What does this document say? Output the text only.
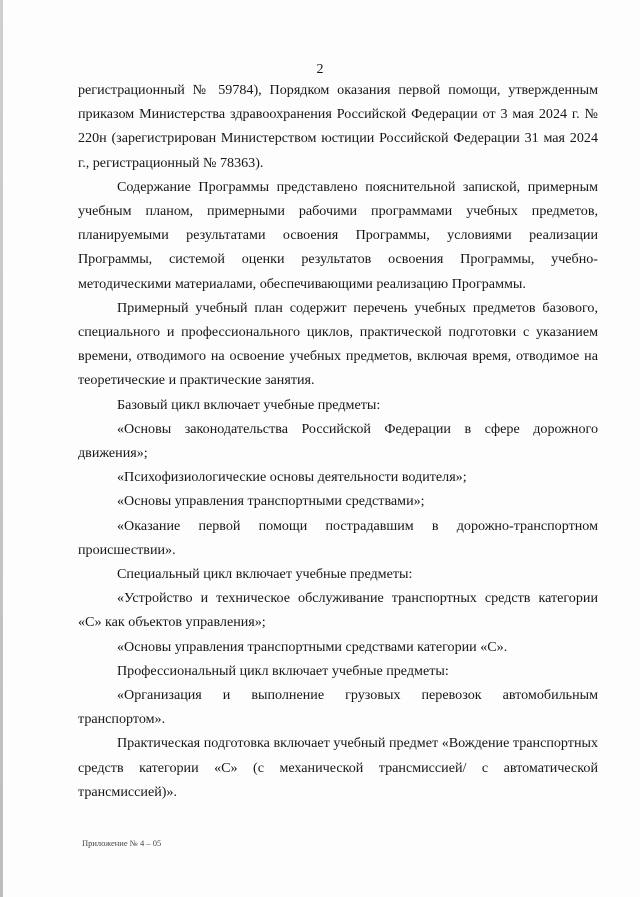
2

регистрационный № 59784), Порядком оказания первой помощи, утвержденным приказом Министерства здравоохранения Российской Федерации от 3 мая 2024 г. № 220н (зарегистрирован Министерством юстиции Российской Федерации 31 мая 2024 г., регистрационный № 78363).

Содержание Программы представлено пояснительной запиской, примерным учебным планом, примерными рабочими программами учебных предметов, планируемыми результатами освоения Программы, условиями реализации Программы, системой оценки результатов освоения Программы, учебно-методическими материалами, обеспечивающими реализацию Программы.

Примерный учебный план содержит перечень учебных предметов базового, специального и профессионального циклов, практической подготовки с указанием времени, отводимого на освоение учебных предметов, включая время, отводимое на теоретические и практические занятия.

Базовый цикл включает учебные предметы:

«Основы законодательства Российской Федерации в сфере дорожного движения»;

«Психофизиологические основы деятельности водителя»;

«Основы управления транспортными средствами»;

«Оказание первой помощи пострадавшим в дорожно-транспортном происшествии».

Специальный цикл включает учебные предметы:

«Устройство и техническое обслуживание транспортных средств категории «C» как объектов управления»;

«Основы управления транспортными средствами категории «C».

Профессиональный цикл включает учебные предметы:

«Организация и выполнение грузовых перевозок автомобильным транспортом».

Практическая подготовка включает учебный предмет «Вождение транспортных средств категории «C» (с механической трансмиссией/ с автоматической трансмиссией)».

Приложение № 4 – 05
